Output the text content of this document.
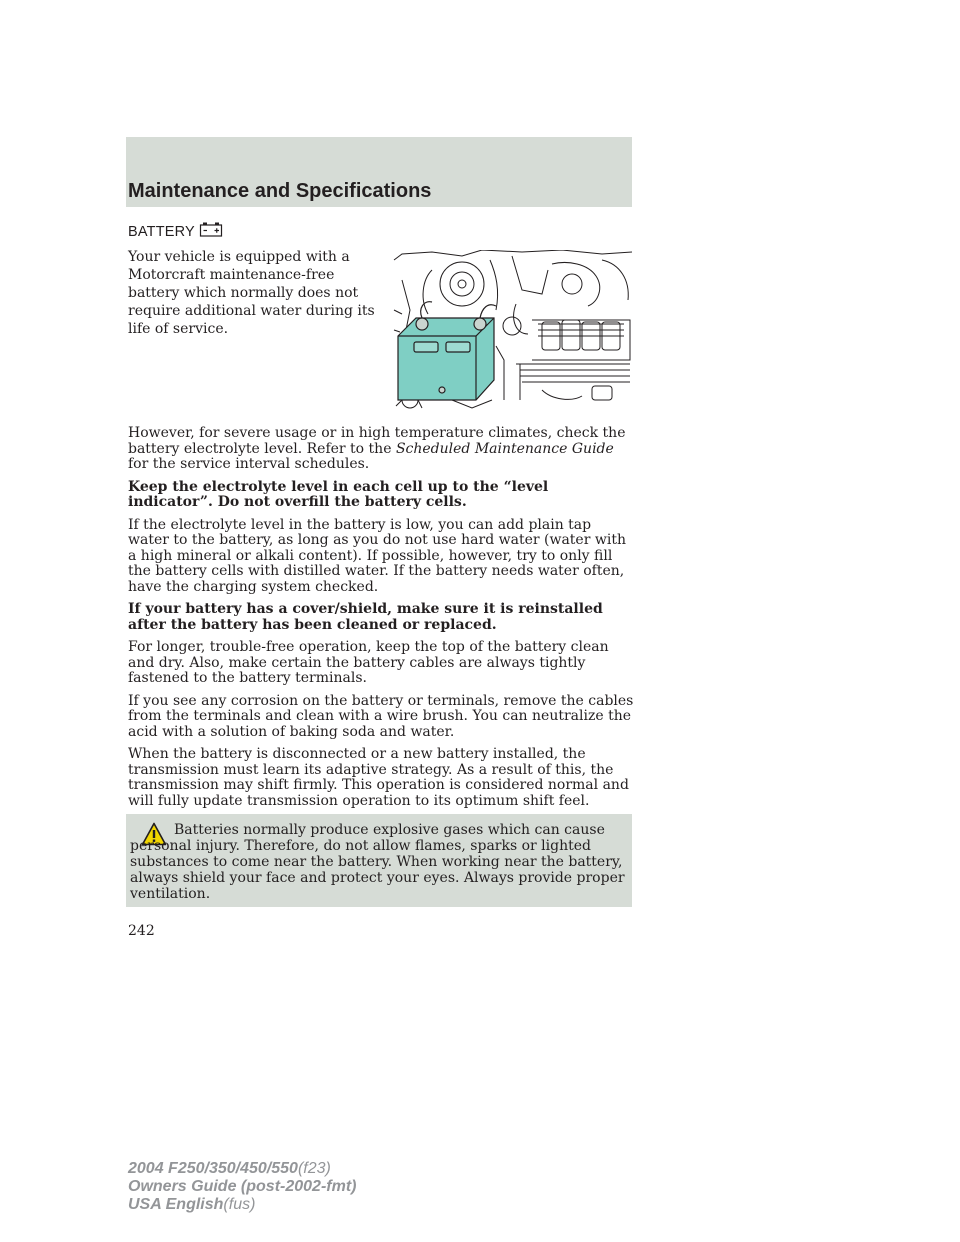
Maintenance and Specifications
BATTERY
Your vehicle is equipped with a Motorcraft maintenance-free battery which normally does not require additional water during its life of service.

However, for severe usage or in high temperature climates, check the battery electrolyte level. Refer to the Scheduled Maintenance Guide for the service interval schedules.

Keep the electrolyte level in each cell up to the “level indicator”. Do not overfill the battery cells.

If the electrolyte level in the battery is low, you can add plain tap water to the battery, as long as you do not use hard water (water with a high mineral or alkali content). If possible, however, try to only fill the battery cells with distilled water. If the battery needs water often, have the charging system checked.

If your battery has a cover/shield, make sure it is reinstalled after the battery has been cleaned or replaced.

For longer, trouble-free operation, keep the top of the battery clean and dry. Also, make certain the battery cables are always tightly fastened to the battery terminals.

If you see any corrosion on the battery or terminals, remove the cables from the terminals and clean with a wire brush. You can neutralize the acid with a solution of baking soda and water.

When the battery is disconnected or a new battery installed, the transmission must learn its adaptive strategy. As a result of this, the transmission may shift firmly. This operation is considered normal and will fully update transmission operation to its optimum shift feel.

Batteries normally produce explosive gases which can cause personal injury. Therefore, do not allow flames, sparks or lighted substances to come near the battery. When working near the battery, always shield your face and protect your eyes. Always provide proper ventilation.
242
2004 F250/350/450/550(f23)
Owners Guide (post-2002-fmt)
USA English(fus)
